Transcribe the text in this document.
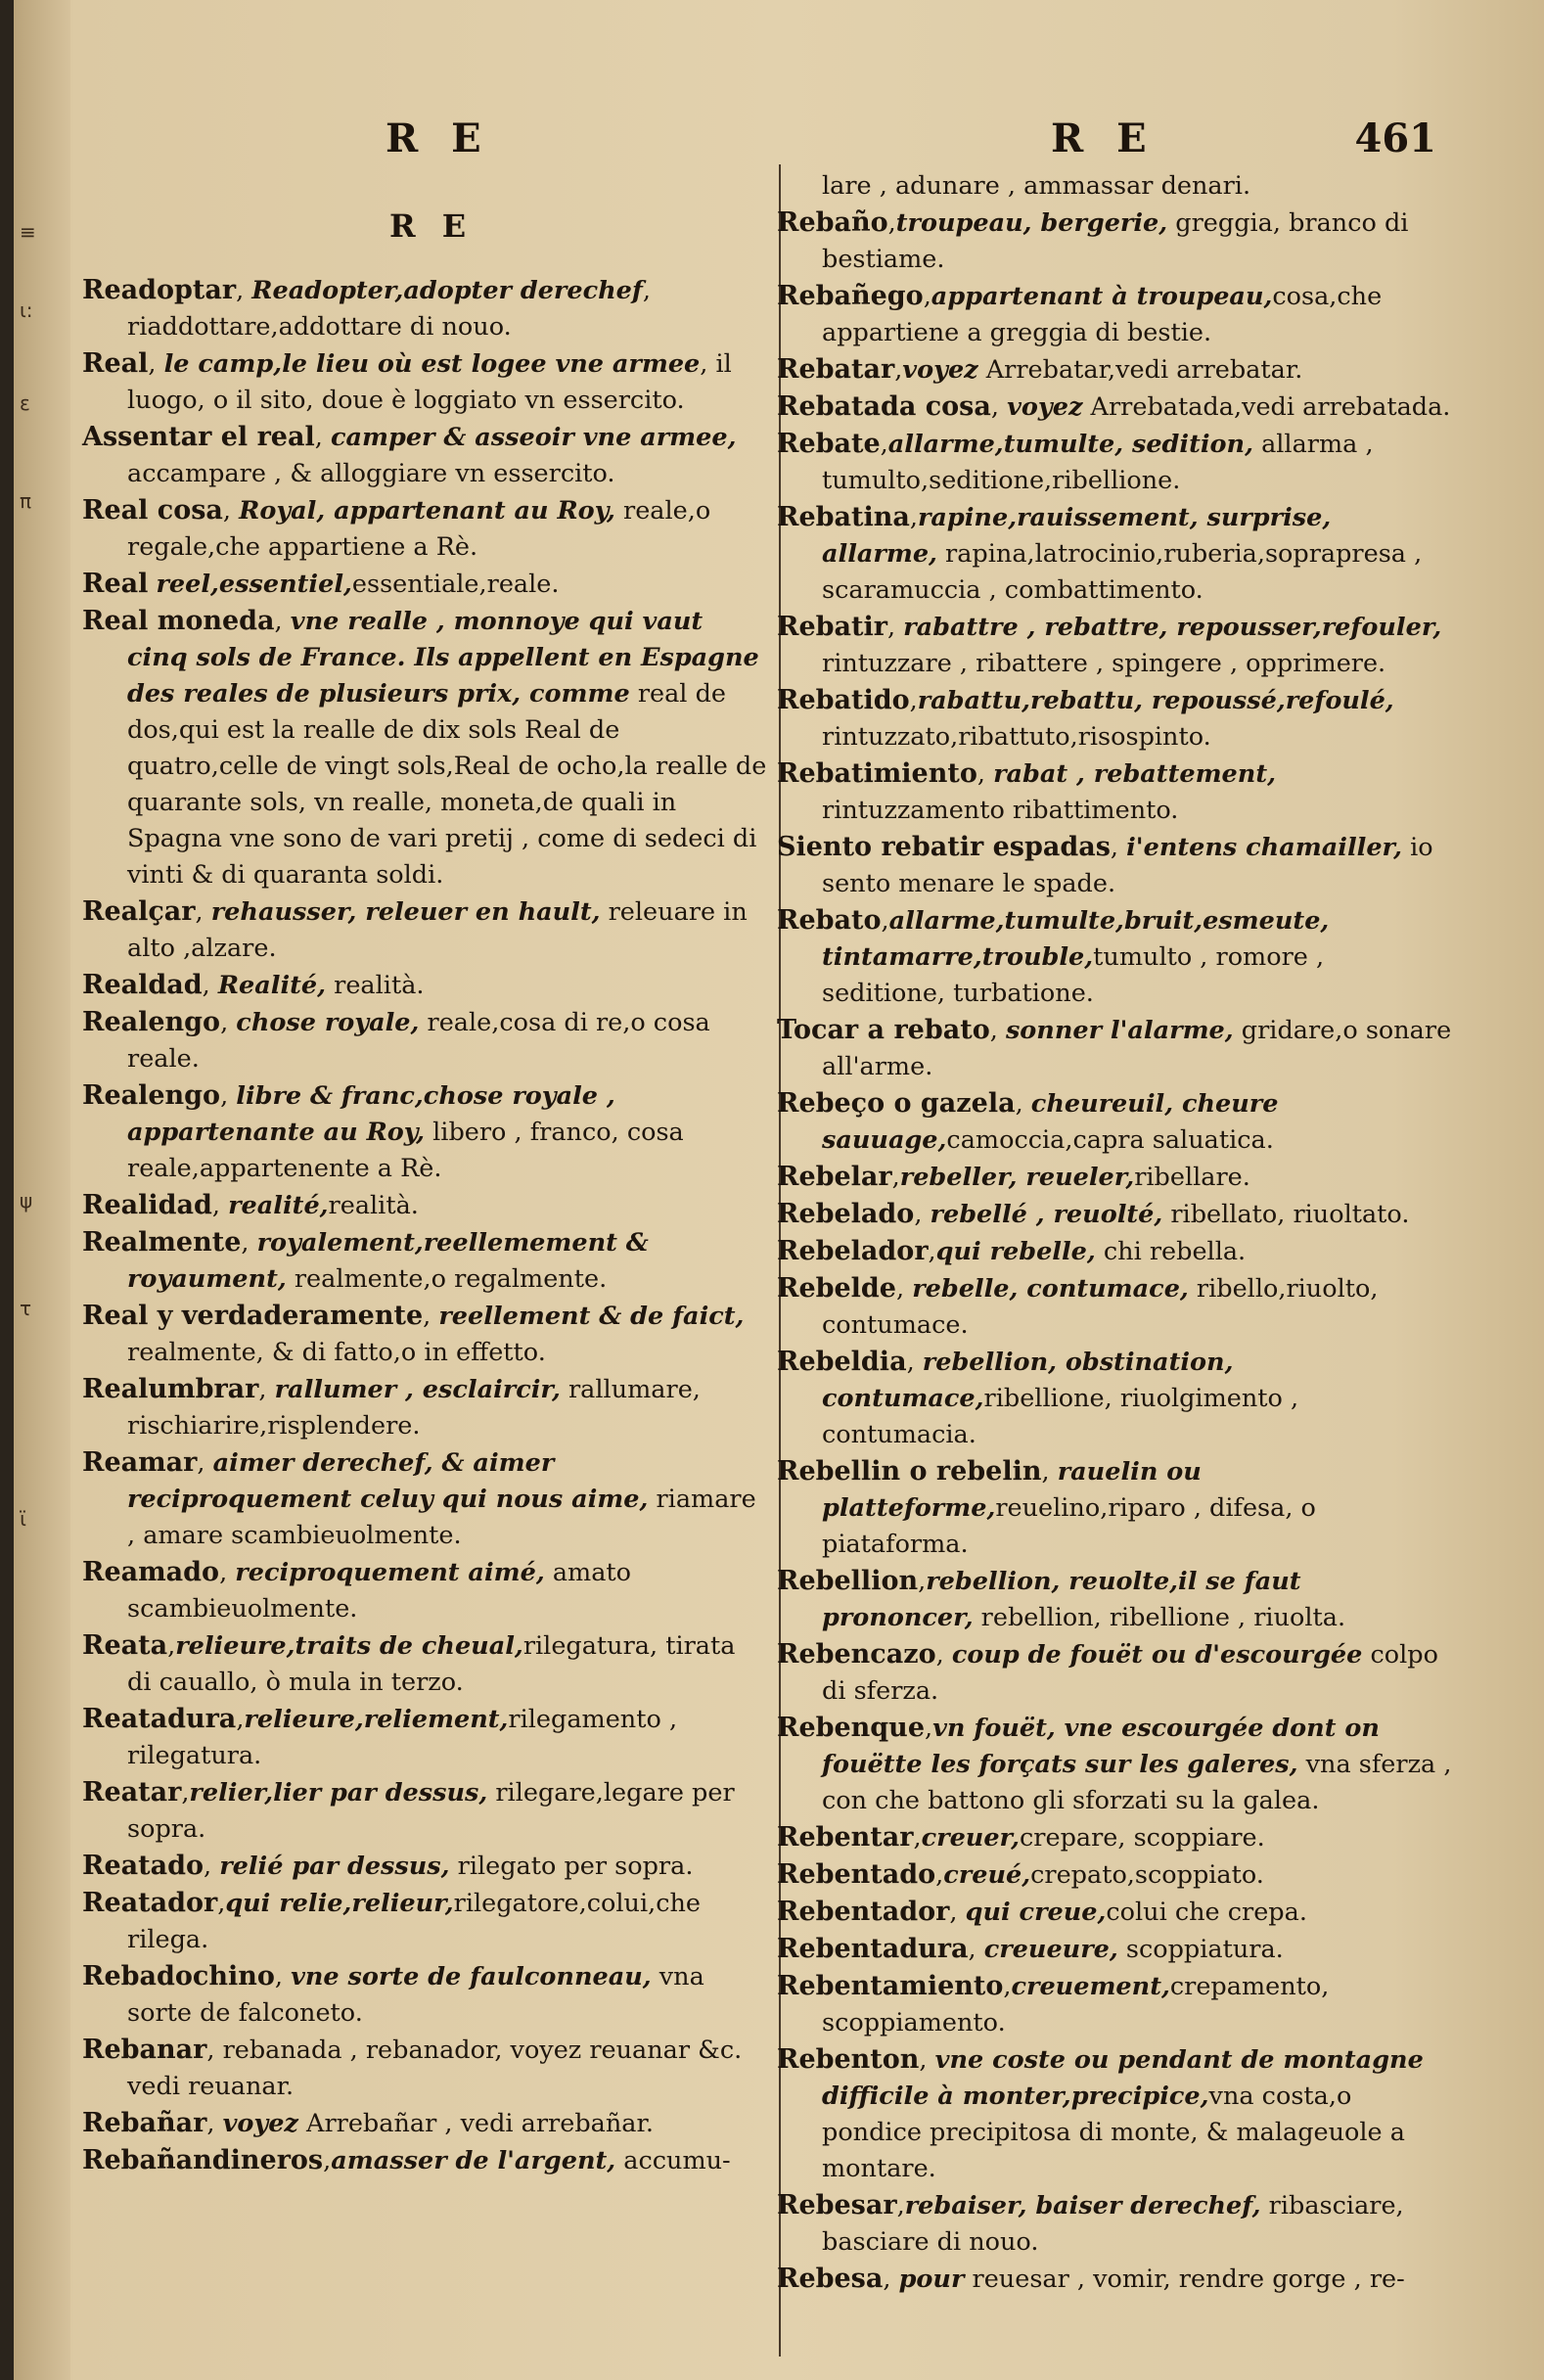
≡
ι:
ε
π
ψ
τ
ϊ
R E	R E	461
R E

Readoptar, Readopter,adopter derechef, riaddottare,addottare di nouo.

Real, le camp,le lieu où est logee vne armee, il luogo, o il sito, doue è loggiato vn essercito.

Assentar el real, camper & asseoir vne armee, accampare , & alloggiare vn essercito.

Real cosa, Royal, appartenant au Roy, reale,o regale,che appartiene a Rè.

Real reel,essentiel,essentiale,reale.

Real moneda, vne realle , monnoye qui vaut cinq sols de France. Ils appellent en Espagne des reales de plusieurs prix, comme real de dos,qui est la realle de dix sols Real de quatro,celle de vingt sols,Real de ocho,la realle de quarante sols, vn realle, moneta,de quali in Spagna vne sono de vari pretij , come di sedeci di vinti & di quaranta soldi.

Realçar, rehausser, releuer en hault, releuare in alto ,alzare.

Realdad, Realité, realità.

Realengo, chose royale, reale,cosa di re,o cosa reale.

Realengo, libre & franc,chose royale , appartenante au Roy, libero , franco, cosa reale,appartenente a Rè.

Realidad, realité,realità.

Realmente, royalement,reellemement & royaument, realmente,o regalmente.

Real y verdaderamente, reellement & de faict, realmente, & di fatto,o in effetto.

Realumbrar, rallumer , esclaircir, rallumare, rischiarire,risplendere.

Reamar, aimer derechef, & aimer reciproquement celuy qui nous aime, riamare , amare scambieuolmente.

Reamado, reciproquement aimé, amato scambieuolmente.

Reata,relieure,traits de cheual,rilegatura, tirata di cauallo, ò mula in terzo.

Reatadura,relieure,reliement,rilegamento , rilegatura.

Reatar,relier,lier par dessus, rilegare,legare per sopra.

Reatado, relié par dessus, rilegato per sopra.

Reatador,qui relie,relieur,rilegatore,colui,che rilega.

Rebadochino, vne sorte de faulconneau, vna sorte de falconeto.

Rebanar, rebanada , rebanador, voyez reuanar &c. vedi reuanar.

Rebañar, voyez Arrebañar , vedi arrebañar.

Rebañandineros,amasser de l'argent, accumu-

lare , adunare , ammassar denari.

Rebaño,troupeau, bergerie, greggia, branco di bestiame.

Rebañego,appartenant à troupeau,cosa,che appartiene a greggia di bestie.

Rebatar,voyez Arrebatar,vedi arrebatar.

Rebatada cosa, voyez Arrebatada,vedi arrebatada.

Rebate,allarme,tumulte, sedition, allarma , tumulto,seditione,ribellione.

Rebatina,rapine,rauissement, surprise, allarme, rapina,latrocinio,ruberia,soprapresa , scaramuccia , combattimento.

Rebatir, rabattre , rebattre, repousser,refouler, rintuzzare , ribattere , spingere , opprimere.

Rebatido,rabattu,rebattu, repoussé,refoulé, rintuzzato,ribattuto,risospinto.

Rebatimiento, rabat , rebattement, rintuzzamento ribattimento.

Siento rebatir espadas, i'entens chamailler, io sento menare le spade.

Rebato,allarme,tumulte,bruit,esmeute, tintamarre,trouble,tumulto , romore , seditione, turbatione.

Tocar a rebato, sonner l'alarme, gridare,o sonare all'arme.

Rebeço o gazela, cheureuil, cheure sauuage,camoccia,capra saluatica.

Rebelar,rebeller, reueler,ribellare.

Rebelado, rebellé , reuolté, ribellato, riuoltato.

Rebelador,qui rebelle, chi rebella.

Rebelde, rebelle, contumace, ribello,riuolto, contumace.

Rebeldia, rebellion, obstination, contumace,ribellione, riuolgimento , contumacia.

Rebellin o rebelin, rauelin ou platteforme,reuelino,riparo , difesa, o piataforma.

Rebellion,rebellion, reuolte,il se faut prononcer, rebellion, ribellione , riuolta.

Rebencazo, coup de fouët ou d'escourgée colpo di sferza.

Rebenque,vn fouët, vne escourgée dont on fouëtte les forçats sur les galeres, vna sferza , con che battono gli sforzati su la galea.

Rebentar,creuer,crepare, scoppiare.

Rebentado,creué,crepato,scoppiato.

Rebentador, qui creue,colui che crepa.

Rebentadura, creueure, scoppiatura.

Rebentamiento,creuement,crepamento, scoppiamento.

Rebenton, vne coste ou pendant de montagne difficile à monter,precipice,vna costa,o pondice precipitosa di monte, & malageuole a montare.

Rebesar,rebaiser, baiser derechef, ribasciare, basciare di nouo.

Rebesa, pour reuesar , vomir, rendre gorge , re-
